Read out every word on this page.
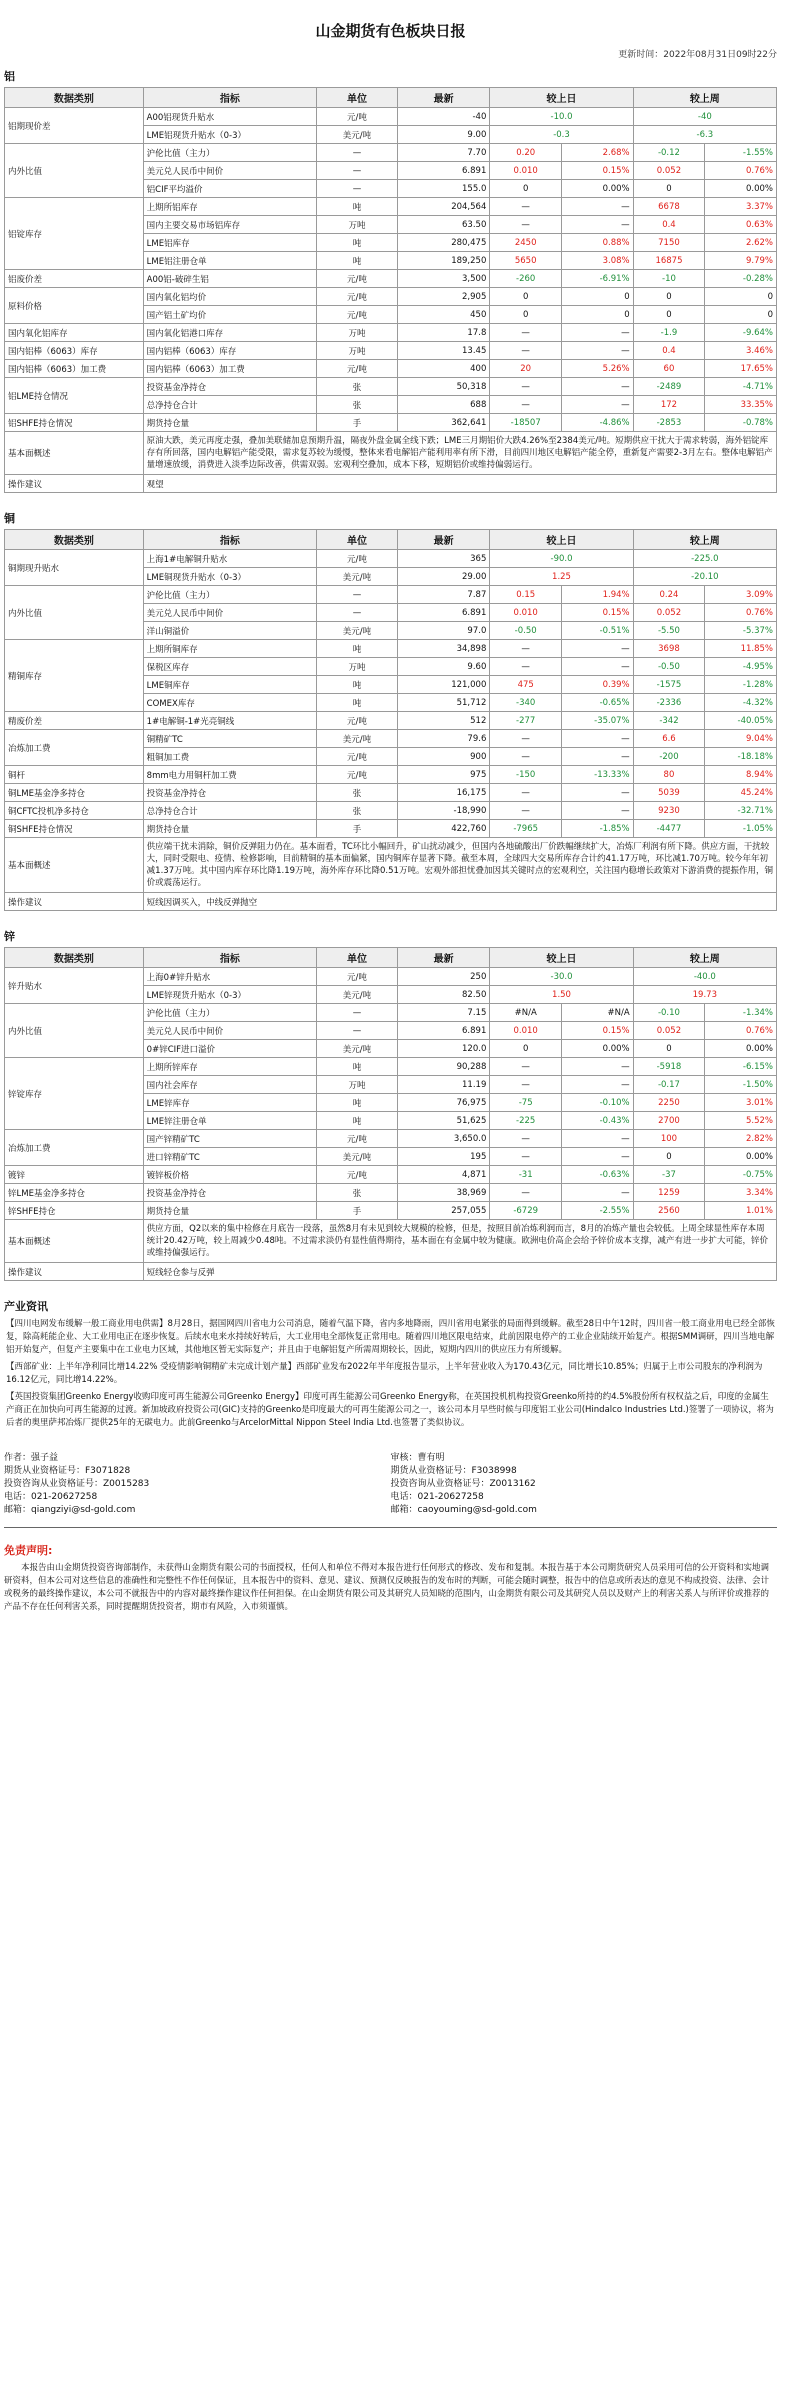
山金期货有色板块日报
更新时间：2022年08月31日09时22分
铝
数据类别	指标	单位	最新	较上日		较上周	
铝期现价差	A00铝现货升贴水	元/吨	-40	-10.0		-40	
	LME铝现货升贴水（0-3）	美元/吨	9.00	-0.3		-6.3	
内外比值	沪伦比值（主力）	—	7.70	0.20	2.68%	-0.12	-1.55%
	美元兑人民币中间价	—	6.891	0.010	0.15%	0.052	0.76%
	铝CIF平均溢价	—	155.0	0	0.00%	0	0.00%
铝锭库存	上期所铝库存	吨	204,564	—	—	6678	3.37%
	国内主要交易市场铝库存	万吨	63.50	—	—	0.4	0.63%
	LME铝库存	吨	280,475	2450	0.88%	7150	2.62%
	LME铝注册仓单	吨	189,250	5650	3.08%	16875	9.79%
铝废价差	A00铝-破碎生铝	元/吨	3,500	-260	-6.91%	-10	-0.28%
原料价格	国内氧化铝均价	元/吨	2,905	0	0	0	0
	国产铝土矿均价	元/吨	450	0	0	0	0
国内氧化铝库存	国内氧化铝港口库存	万吨	17.8	—	—	-1.9	-9.64%
国内铝棒（6063）库存	国内铝棒（6063）库存	万吨	13.45	—	—	0.4	3.46%
国内铝棒（6063）加工费	国内铝棒（6063）加工费	元/吨	400	20	5.26%	60	17.65%
铝LME持仓情况	投资基金净持仓	张	50,318	—	—	-2489	-4.71%
	总净持仓合计	张	688	—	—	172	33.35%
铝SHFE持仓情况	期货持仓量	手	362,641	-18507	-4.86%	-2853	-0.78%
基本面概述	原油大跌，美元再度走强，叠加美联储加息预期升温，隔夜外盘金属全线下跌；LME三月期铝价大跌4.26%至2384美元/吨。短期供应干扰大于需求转弱，海外铝锭库存有所回落，国内电解铝产能受限，需求复苏较为缓慢，整体来看电解铝产能利用率有所下滑，目前四川地区电解铝产能全停，重新复产需要2-3月左右。整体电解铝产量增速放缓，消费进入淡季边际改善，供需双弱。宏观利空叠加，成本下移，短期铝价或维持偏弱运行。						
操作建议	观望						
铜
数据类别	指标	单位	最新	较上日		较上周	
铜期现升贴水	上海1#电解铜升贴水	元/吨	365	-90.0		-225.0	
	LME铜现货升贴水（0-3）	美元/吨	29.00	1.25		-20.10	
内外比值	沪伦比值（主力）	—	7.87	0.15	1.94%	0.24	3.09%
	美元兑人民币中间价	—	6.891	0.010	0.15%	0.052	0.76%
	洋山铜溢价	美元/吨	97.0	-0.50	-0.51%	-5.50	-5.37%
精铜库存	上期所铜库存	吨	34,898	—	—	3698	11.85%
	保税区库存	万吨	9.60	—	—	-0.50	-4.95%
	LME铜库存	吨	121,000	475	0.39%	-1575	-1.28%
	COMEX库存	吨	51,712	-340	-0.65%	-2336	-4.32%
精废价差	1#电解铜-1#光亮铜线	元/吨	512	-277	-35.07%	-342	-40.05%
冶炼加工费	铜精矿TC	美元/吨	79.6	—	—	6.6	9.04%
	粗铜加工费	元/吨	900	—	—	-200	-18.18%
铜杆	8mm电力用铜杆加工费	元/吨	975	-150	-13.33%	80	8.94%
铜LME基金净多持仓	投资基金净持仓	张	16,175	—	—	5039	45.24%
铜CFTC投机净多持仓	总净持仓合计	张	-18,990	—	—	9230	-32.71%
铜SHFE持仓情况	期货持仓量	手	422,760	-7965	-1.85%	-4477	-1.05%
基本面概述	供应端干扰未消除，铜价反弹阻力仍在。基本面看，TC环比小幅回升，矿山扰动减少，但国内各地硫酸出厂价跌幅继续扩大，冶炼厂利润有所下降。供应方面，干扰较大，同时受限电、疫情、检修影响，目前精铜的基本面偏紧，国内铜库存显著下降。截至本周，全球四大交易所库存合计约41.17万吨，环比减1.70万吨。较今年年初减1.37万吨。其中国内库存环比降1.19万吨，海外库存环比降0.51万吨。宏观外部担忧叠加因其关键时点的宏观利空，关注国内稳增长政策对下游消费的提振作用，铜价或震荡运行。						
操作建议	短线因调买入，中线反弹抛空						
锌
数据类别	指标	单位	最新	较上日		较上周	
锌升贴水	上海0#锌升贴水	元/吨	250	-30.0		-40.0	
	LME锌现货升贴水（0-3）	美元/吨	82.50	1.50		19.73	
内外比值	沪伦比值（主力）	—	7.15	#N/A	#N/A	-0.10	-1.34%
	美元兑人民币中间价	—	6.891	0.010	0.15%	0.052	0.76%
	0#锌CIF进口溢价	美元/吨	120.0	0	0.00%	0	0.00%
锌锭库存	上期所锌库存	吨	90,288	—	—	-5918	-6.15%
	国内社会库存	万吨	11.19	—	—	-0.17	-1.50%
	LME锌库存	吨	76,975	-75	-0.10%	2250	3.01%
	LME锌注册仓单	吨	51,625	-225	-0.43%	2700	5.52%
冶炼加工费	国产锌精矿TC	元/吨	3,650.0	—	—	100	2.82%
	进口锌精矿TC	美元/吨	195	—	—	0	0.00%
镀锌	镀锌板价格	元/吨	4,871	-31	-0.63%	-37	-0.75%
锌LME基金净多持仓	投资基金净持仓	张	38,969	—	—	1259	3.34%
锌SHFE持仓	期货持仓量	手	257,055	-6729	-2.55%	2560	1.01%
基本面概述	供应方面，Q2以来的集中检修在月底告一段落，虽然8月有未见到较大规模的检修，但是，按照目前冶炼利润而言，8月的冶炼产量也会较低。上周全球显性库存本周统计20.42万吨，较上周减少0.48吨。不过需求淡仍有显性值得期待，基本面在有金属中较为健康。欧洲电价高企会给予锌价成本支撑，减产有进一步扩大可能，锌价或维持偏强运行。						
操作建议	短线轻仓参与反弹						
产业资讯

【四川电网发布缓解一般工商业用电供需】8月28日，据国网四川省电力公司消息，随着气温下降，省内多地降雨，四川省用电紧张的局面得到缓解。截至28日中午12时，四川省一般工商业用电已经全部恢复，除高耗能企业、大工业用电正在逐步恢复。后续水电来水持续好转后，大工业用电全部恢复正常用电。随着四川地区限电结束，此前因限电停产的工业企业陆续开始复产。根据SMM调研，四川当地电解铝开始复产，但复产主要集中在工业电力区域，其他地区暂无实际复产；并且由于电解铝复产所需周期较长，因此，短期内四川的供应压力有所缓解。

【西部矿业：上半年净利同比增14.22% 受疫情影响铜精矿未完成计划产量】西部矿业发布2022年半年度报告显示，上半年营业收入为170.43亿元，同比增长10.85%；归属于上市公司股东的净利润为16.12亿元，同比增14.22%。

【英国投资集团Greenko Energy收购印度可再生能源公司Greenko Energy】印度可再生能源公司Greenko Energy称，在英国投机机构投资Greenko所持的约4.5%股份所有权权益之后，印度的金属生产商正在加快向可再生能源的过渡。新加坡政府投资公司(GIC)支持的Greenko是印度最大的可再生能源公司之一，该公司本月早些时候与印度铝工业公司(Hindalco Industries Ltd.)签署了一项协议，将为后者的奥里萨邦冶炼厂提供25年的无碳电力。此前Greenko与ArcelorMittal Nippon Steel India Ltd.也签署了类似协议。

作者：强子益
期货从业资格证号：F3071828
投资咨询从业资格证号：Z0015283
电话：021-20627258
邮箱：qiangziyi@sd-gold.com
审核：曹有明
期货从业资格证号：F3038998
投资咨询从业资格证号：Z0013162
电话：021-20627258
邮箱：caoyouming@sd-gold.com
免责声明:
本报告由山金期货投资咨询部制作，未获得山金期货有限公司的书面授权，任何人和单位不得对本报告进行任何形式的修改、发布和复制。本报告基于本公司期货研究人员采用可信的公开资料和实地调研资料，但本公司对这些信息的准确性和完整性不作任何保证，且本报告中的资料、意见、建议、预测仅反映报告的发布时的判断，可能会随时调整，报告中的信息或所表达的意见不构成投资、法律、会计或税务的最终操作建议，本公司不就报告中的内容对最终操作建议作任何担保。在山金期货有限公司及其研究人员知晓的范围内，山金期货有限公司及其研究人员以及财产上的利害关系人与所评价或推荐的产品不存在任何利害关系，同时提醒期货投资者，期市有风险，入市须谨慎。
